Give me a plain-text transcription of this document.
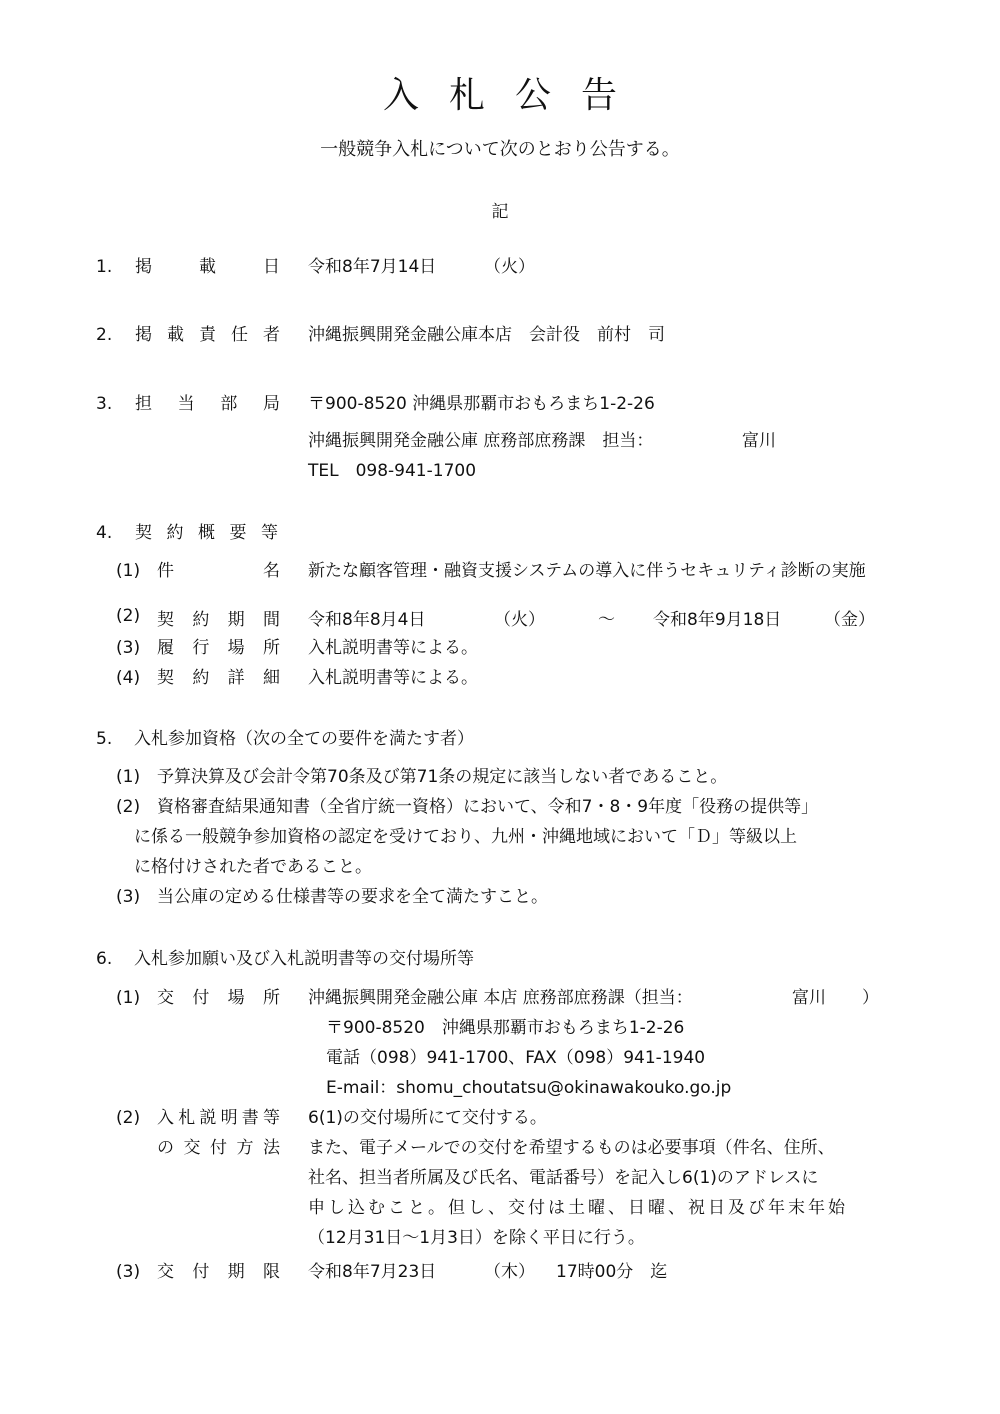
入札公告
一般競争入札について次のとおり公告する。
記
1. 掲	載	日 令和8年7月14日	（火）
2. 掲 載 責 任 者 沖縄振興開発金融公庫本店　会計役　前村　司
3. 担 当 部 局 〒900-8520 沖縄県那覇市おもろまち1-2-26
沖縄振興開発金融公庫 庶務部庶務課　担当：	富川
TEL　098-941-1700
4. 契 約 概 要 等
(1) 件	名 新たな顧客管理・融資支援システムの導入に伴うセキュリティ診断の実施
(2) 契 約 期 間 令和8年8月4日	（火）	～ 令和8年9月18日	（金）
(3) 履 行 場 所 入札説明書等による。
(4) 契 約 詳 細 入札説明書等による。
5. 入札参加資格（次の全ての要件を満たす者）
(1) 予算決算及び会計令第70条及び第71条の規定に該当しない者であること。
(2) 資格審査結果通知書（全省庁統一資格）において、令和7・8・9年度「役務の提供等」
に係る一般競争参加資格の認定を受けており、九州・沖縄地域において「Ｄ」等級以上
に格付けされた者であること。
(3) 当公庫の定める仕様書等の要求を全て満たすこと。
6. 入札参加願い及び入札説明書等の交付場所等
(1) 交 付 場 所 沖縄振興開発金融公庫 本店 庶務部庶務課（担当：	富川 ）
〒900-8520　沖縄県那覇市おもろまち1-2-26
電話（098）941-1700、FAX（098）941-1940
E-mail：shomu_choutatsu@okinawakouko.go.jp
(2) 入 札 説 明 書 等
の 交 付 方 法
6(1)の交付場所にて交付する。
また、電子メールでの交付を希望するものは必要事項（件名、住所、
社名、担当者所属及び氏名、電話番号）を記入し6(1)のアドレスに
申し込むこと。但し、交付は土曜、日曜、祝日及び年末年始
（12月31日～1月3日）を除く平日に行う。
(3) 交 付 期 限 令和8年7月23日	（木） 17時00分　迄
